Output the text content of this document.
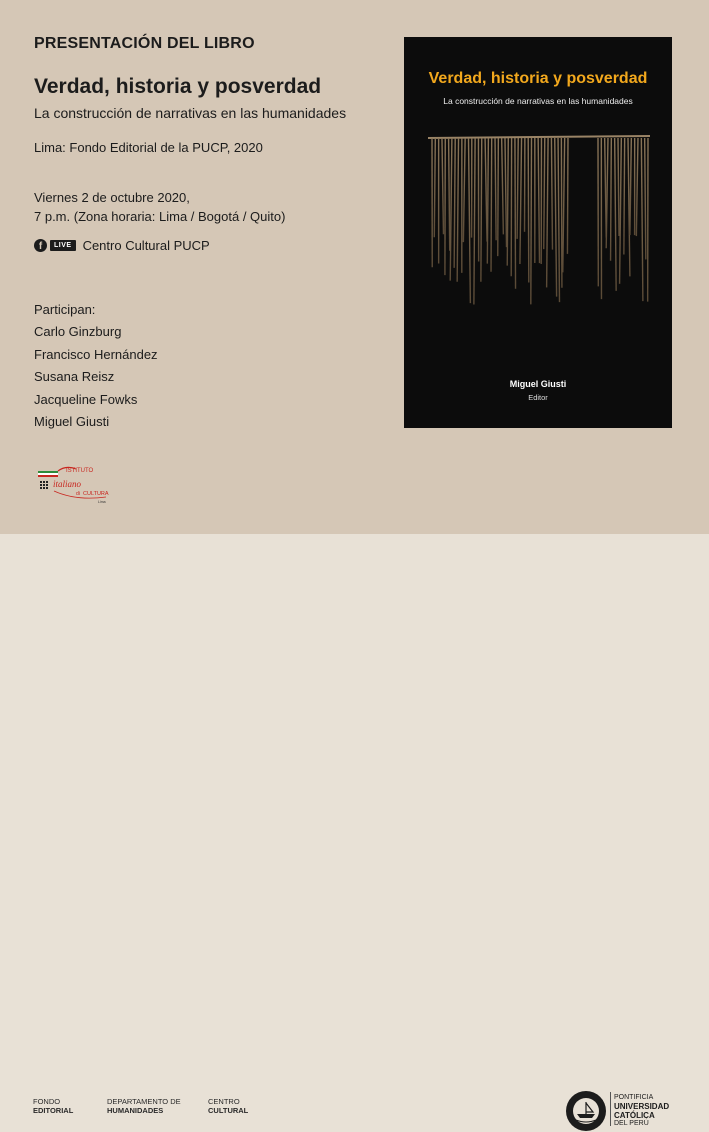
PRESENTACIÓN DEL LIBRO
Verdad, historia y posverdad
La construcción de narrativas en las humanidades
Lima: Fondo Editorial de la PUCP, 2020
Viernes 2 de octubre 2020,
7 p.m. (Zona horaria: Lima / Bogotá / Quito)
f	LIVE Centro Cultural PUCP
Participan:
Carlo Ginzburg
Francisco Hernández
Susana Reisz
Jacqueline Fowks
Miguel Giusti
ISTITUTO
italiano
di CULTURA
Lima
Verdad, historia y posverdad
La construcción de narrativas en las humanidades
Miguel Giusti
Editor
FONDO
EDITORIAL
DEPARTAMENTO DE
HUMANIDADES
CENTRO
CULTURAL
PONTIFICIA
UNIVERSIDAD
CATÓLICA
DEL PERÚ
